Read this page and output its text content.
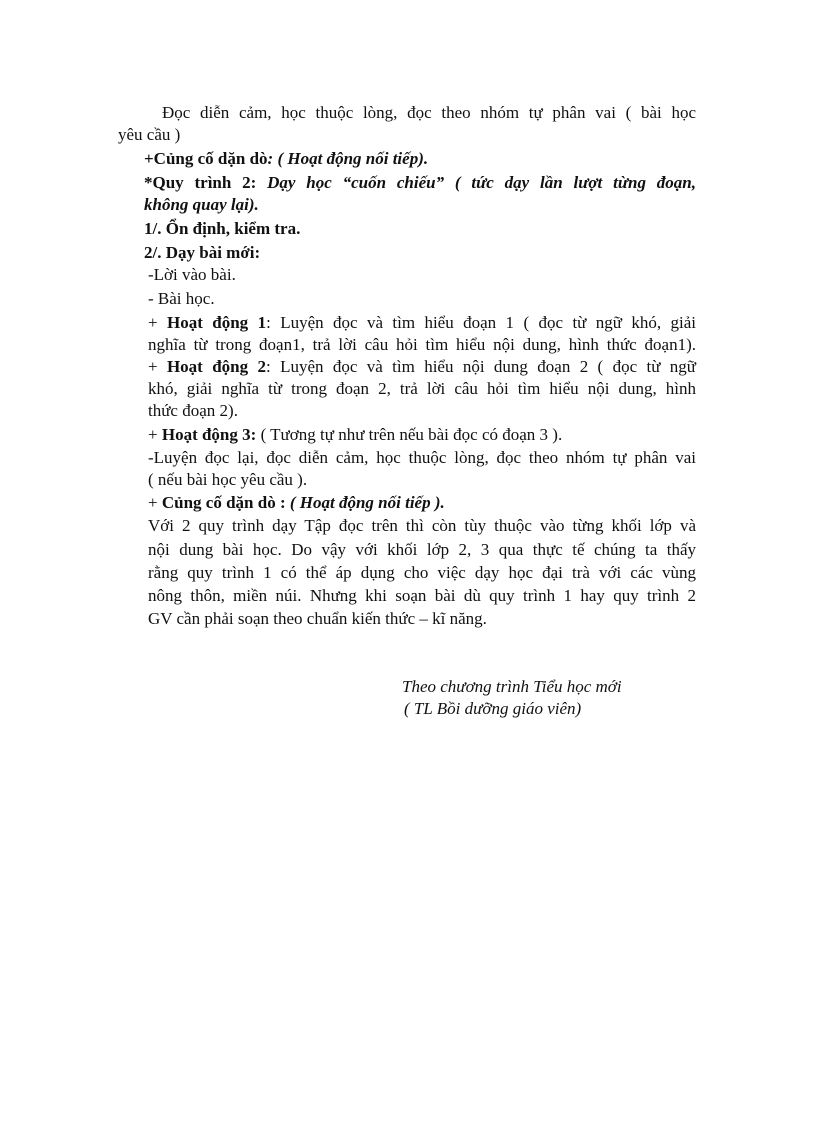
Đọc diễn cảm, học thuộc lòng, đọc theo nhóm tự phân vai ( bài học
yêu cầu )
+Củng cố dặn dò: ( Hoạt động nối tiếp).
*Quy trình 2: Dạy học “cuốn chiếu” ( tức dạy lần lượt từng đoạn,
không quay lại).
1/. Ổn định, kiểm tra.
2/. Dạy bài mới:
-Lời vào bài.
- Bài học.
+ Hoạt động 1: Luyện đọc và tìm hiểu đoạn 1 ( đọc từ ngữ khó, giải
nghĩa từ trong đoạn1, trả lời câu hỏi tìm hiểu nội dung, hình thức đoạn1).
+ Hoạt động 2: Luyện đọc và tìm hiểu nội dung đoạn 2 ( đọc từ ngữ
khó, giải nghĩa từ trong đoạn 2, trả lời câu hỏi tìm hiểu nội dung, hình
thức đoạn 2).
+ Hoạt động 3: ( Tương tự như trên nếu bài đọc có đoạn 3 ).
-Luyện đọc lại, đọc diễn cảm, học thuộc lòng, đọc theo nhóm tự phân vai
( nếu bài học yêu cầu ).
+ Củng cố dặn dò : ( Hoạt động nối tiếp ).
Với 2 quy trình dạy Tập đọc trên thì còn tùy thuộc vào từng khối lớp và
nội dung bài học. Do vậy với khối lớp 2, 3 qua thực tế chúng ta thấy
rằng quy trình 1 có thể áp dụng cho việc dạy học đại trà với các vùng
nông thôn, miền núi. Nhưng khi soạn bài dù quy trình 1 hay quy trình 2
GV cần phải soạn theo chuẩn kiến thức – kĩ năng.
Theo chương trình Tiểu học mới
( TL Bồi dưỡng giáo viên)
